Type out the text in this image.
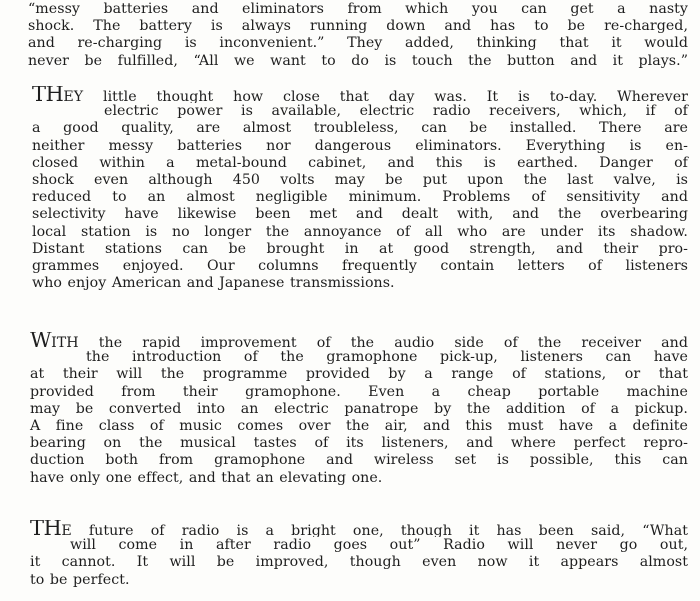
“messy batteries and eliminators from which you can get a nasty
shock. The battery is always running down and has to be re-charged,
and re-charging is inconvenient.” They added, thinking that it would
never be fulfilled, “All we want to do is touch the button and it plays.”
THEY little thought how close that day was. It is to-day. Wherever
electric power is available, electric radio receivers, which, if of
a good quality, are almost troubleless, can be installed. There are
neither messy batteries nor dangerous eliminators. Everything is en-
closed within a metal-bound cabinet, and this is earthed. Danger of
shock even although 450 volts may be put upon the last valve, is
reduced to an almost negligible minimum. Problems of sensitivity and
selectivity have likewise been met and dealt with, and the overbearing
local station is no longer the annoyance of all who are under its shadow.
Distant stations can be brought in at good strength, and their pro-
grammes enjoyed. Our columns frequently contain letters of listeners
who enjoy American and Japanese transmissions.
WITH the rapid improvement of the audio side of the receiver and
the introduction of the gramophone pick-up, listeners can have
at their will the programme provided by a range of stations, or that
provided from their gramophone. Even a cheap portable machine
may be converted into an electric panatrope by the addition of a pickup.
A fine class of music comes over the air, and this must have a definite
bearing on the musical tastes of its listeners, and where perfect repro-
duction both from gramophone and wireless set is possible, this can
have only one effect, and that an elevating one.
THE future of radio is a bright one, though it has been said, “What
will come in after radio goes out” Radio will never go out,
it cannot. It will be improved, though even now it appears almost
to be perfect.
